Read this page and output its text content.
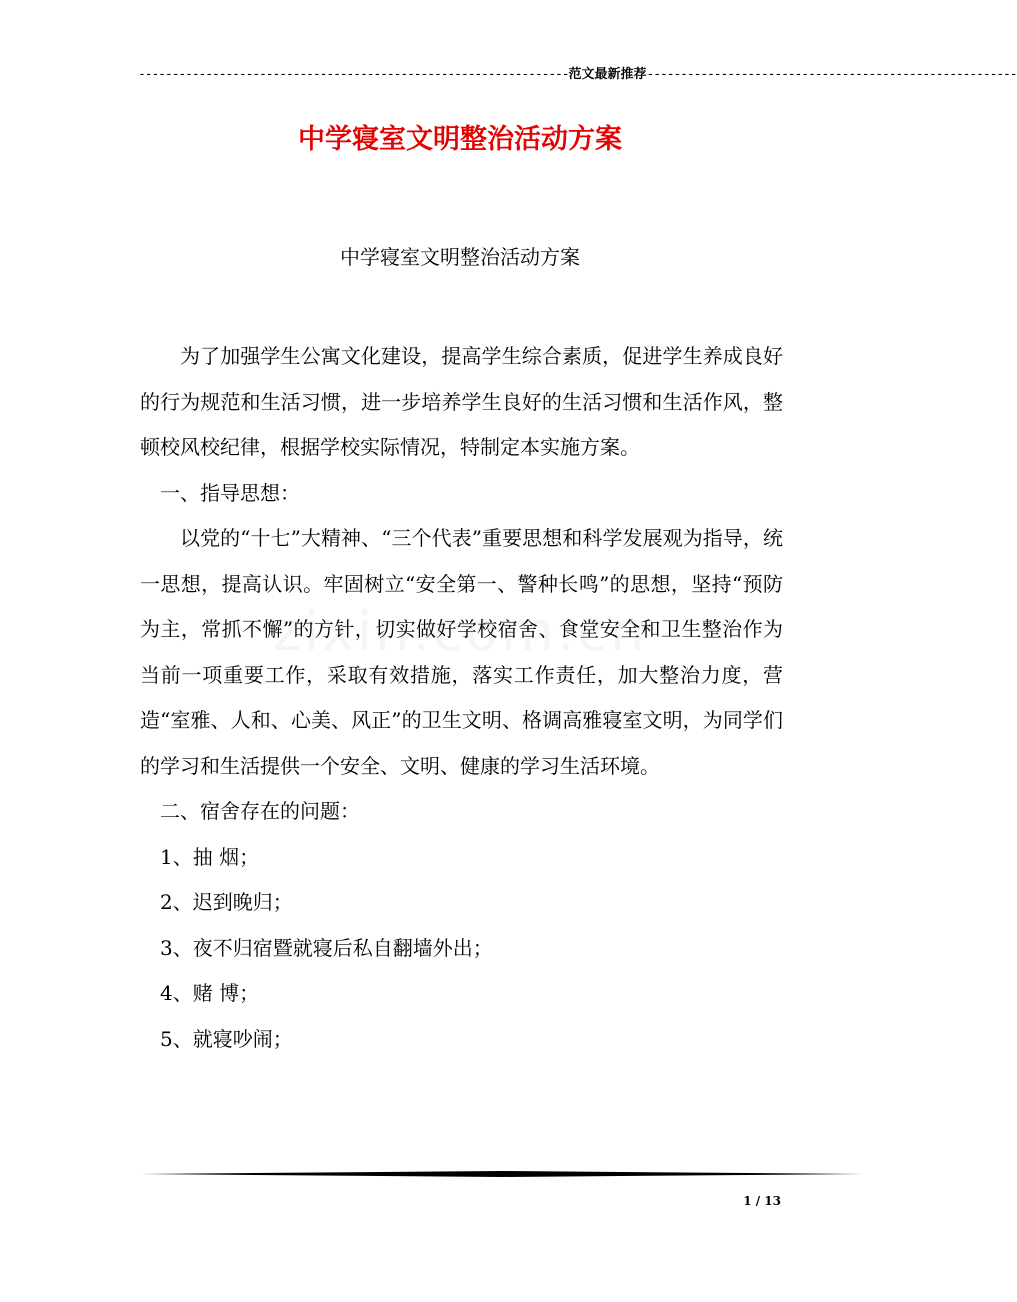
----------------------------------------------------------------范文最新推荐-------------------------------------------------------
中学寝室文明整治活动方案
中学寝室文明整治活动方案

为了加强学生公寓文化建设，提高学生综合素质，促进学生养成良好的行为规范和生活习惯，进一步培养学生良好的生活习惯和生活作风，整顿校风校纪律，根据学校实际情况，特制定本实施方案。

一、指导思想：

以党的“十七”大精神、“三个代表”重要思想和科学发展观为指导，统一思想，提高认识。牢固树立“安全第一、警种长鸣”的思想，坚持“预防为主，常抓不懈”的方针，切实做好学校宿舍、食堂安全和卫生整治作为当前一项重要工作，采取有效措施，落实工作责任，加大整治力度，营造“室雅、人和、心美、风正”的卫生文明、格调高雅寝室文明，为同学们的学习和生活提供一个安全、文明、健康的学习生活环境。

二、宿舍存在的问题：

1、抽 烟；

2、迟到晚归；

3、夜不归宿暨就寝后私自翻墙外出；

4、赌 博；

5、就寝吵闹；

1 / 13
